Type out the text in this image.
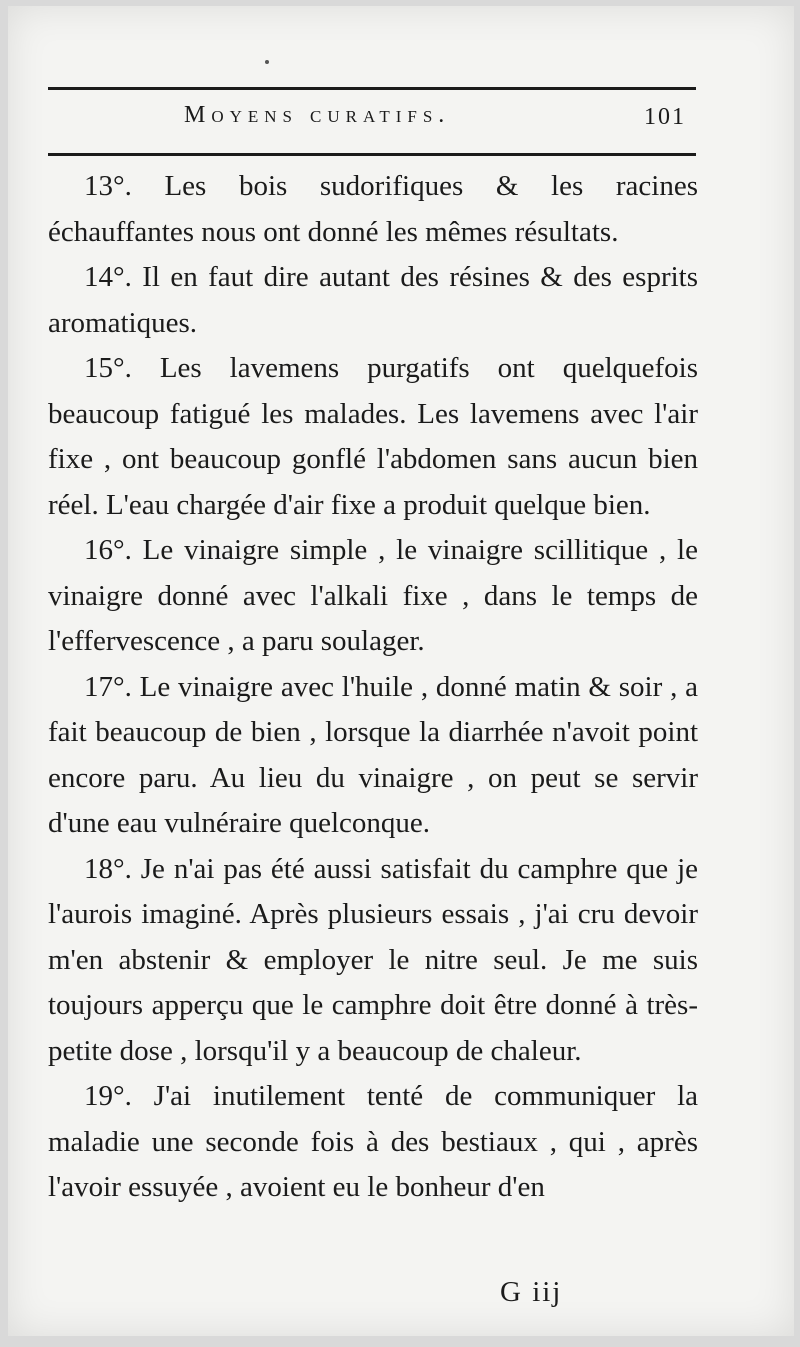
Moyens curatifs.	101

13°. Les bois sudorifiques & les racines échauffantes nous ont donné les mêmes résultats.

14°. Il en faut dire autant des résines & des esprits aromatiques.

15°. Les lavemens purgatifs ont quelquefois beaucoup fatigué les malades. Les lavemens avec l'air fixe , ont beaucoup gonflé l'abdomen sans aucun bien réel. L'eau chargée d'air fixe a produit quelque bien.

16°. Le vinaigre simple , le vinaigre scillitique , le vinaigre donné avec l'alkali fixe , dans le temps de l'effervescence , a paru soulager.

17°. Le vinaigre avec l'huile , donné matin & soir , a fait beaucoup de bien , lorsque la diarrhée n'avoit point encore paru. Au lieu du vinaigre , on peut se servir d'une eau vulnéraire quelconque.

18°. Je n'ai pas été aussi satisfait du camphre que je l'aurois imaginé. Après plusieurs essais , j'ai cru devoir m'en abstenir & employer le nitre seul. Je me suis toujours apperçu que le camphre doit être donné à très-petite dose , lorsqu'il y a beaucoup de chaleur.

19°. J'ai inutilement tenté de communiquer la maladie une seconde fois à des bestiaux , qui , après l'avoir essuyée , avoient eu le bonheur d'en

G iij
